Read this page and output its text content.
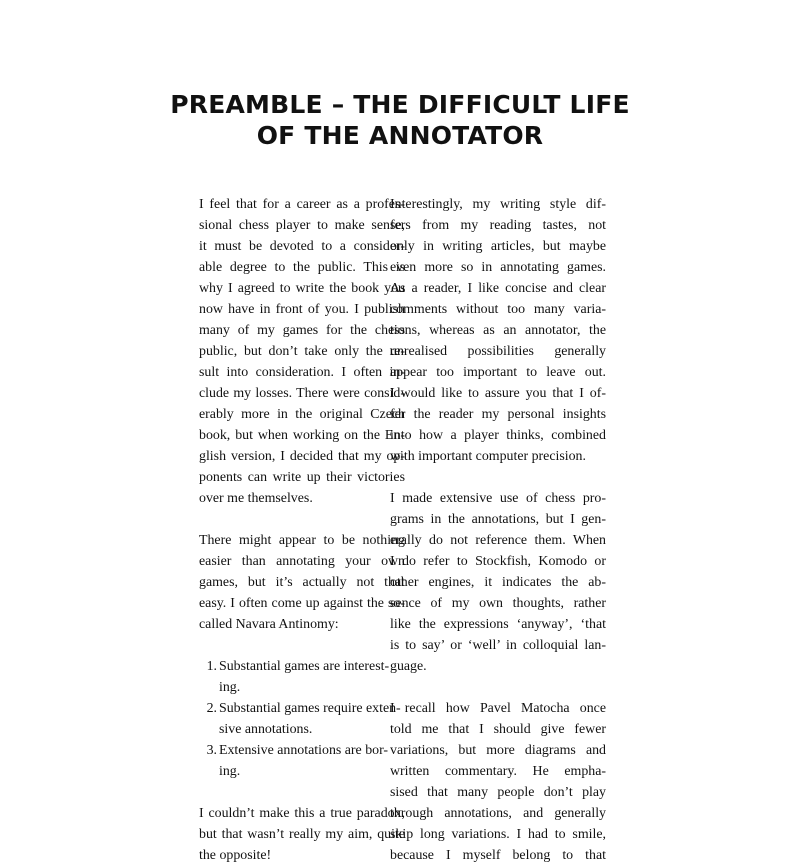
PREAMBLE – THE DIFFICULT LIFE
OF THE ANNOTATOR
I feel that for a career as a profes-
sional chess player to make sense,
it must be devoted to a consider-
able degree to the public. This is
why I agreed to write the book you
now have in front of you. I publish
many of my games for the chess
public, but don’t take only the re-
sult into consideration. I often in-
clude my losses. There were consid-
erably more in the original Czech
book, but when working on the En-
glish version, I decided that my op-
ponents can write up their victories
over me themselves.
There might appear to be nothing
easier than annotating your own
games, but it’s actually not that
easy. I often come up against the so-
called Navara Antinomy:
1. Substantial games are interest-
ing.
2. Substantial games require exten-
sive annotations.
3. Extensive annotations are bor-
ing.
I couldn’t make this a true paradox,
but that wasn’t really my aim, quite
the opposite!
Interestingly, my writing style dif-
fers from my reading tastes, not
only in writing articles, but maybe
even more so in annotating games.
As a reader, I like concise and clear
comments without too many varia-
tions, whereas as an annotator, the
unrealised possibilities generally
appear too important to leave out.
I would like to assure you that I of-
fer the reader my personal insights
into how a player thinks, combined
with important computer precision.
I made extensive use of chess pro-
grams in the annotations, but I gen-
erally do not reference them. When
I do refer to Stockfish, Komodo or
other engines, it indicates the ab-
sence of my own thoughts, rather
like the expressions ‘anyway’, ‘that
is to say’ or ‘well’ in colloquial lan-
guage.
I recall how Pavel Matocha once
told me that I should give fewer
variations, but more diagrams and
written commentary. He empha-
sised that many people don’t play
through annotations, and generally
skip long variations. I had to smile,
because I myself belong to that
